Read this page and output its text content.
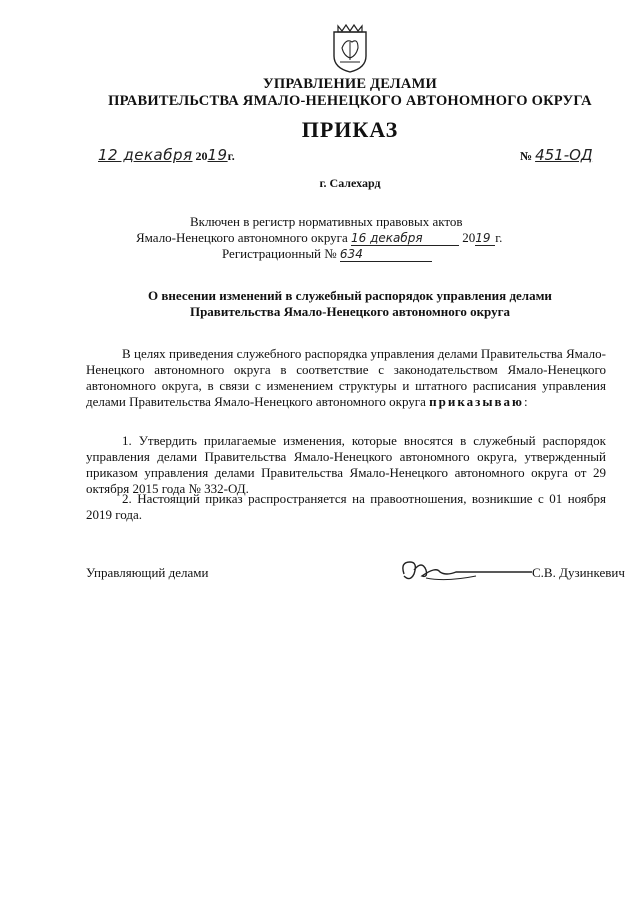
УПРАВЛЕНИЕ ДЕЛАМИ
ПРАВИТЕЛЬСТВА ЯМАЛО-НЕНЕЦКОГО АВТОНОМНОГО ОКРУГА
ПРИКАЗ
12 декабря 2019г.	№ 451-ОД
г. Салехард
Включен в регистр нормативных правовых актов
Ямало-Ненецкого автономного округа 16 декабря	2019 г.
Регистрационный № 634
О внесении изменений в служебный распорядок управления делами
Правительства Ямало-Ненецкого автономного округа
В целях приведения служебного распорядка управления делами Правительства Ямало-Ненецкого автономного округа в соответствие с законодательством Ямало-Ненецкого автономного округа, в связи с изменением структуры и штатного расписания управления делами Правительства Ямало-Ненецкого автономного округа приказываю:
1. Утвердить прилагаемые изменения, которые вносятся в служебный распорядок управления делами Правительства Ямало-Ненецкого автономного округа, утвержденный приказом управления делами Правительства Ямало-Ненецкого автономного округа от 29 октября 2015 года № 332-ОД.
2. Настоящий приказ распространяется на правоотношения, возникшие с 01 ноября 2019 года.
Управляющий делами	С.В. Дузинкевич
